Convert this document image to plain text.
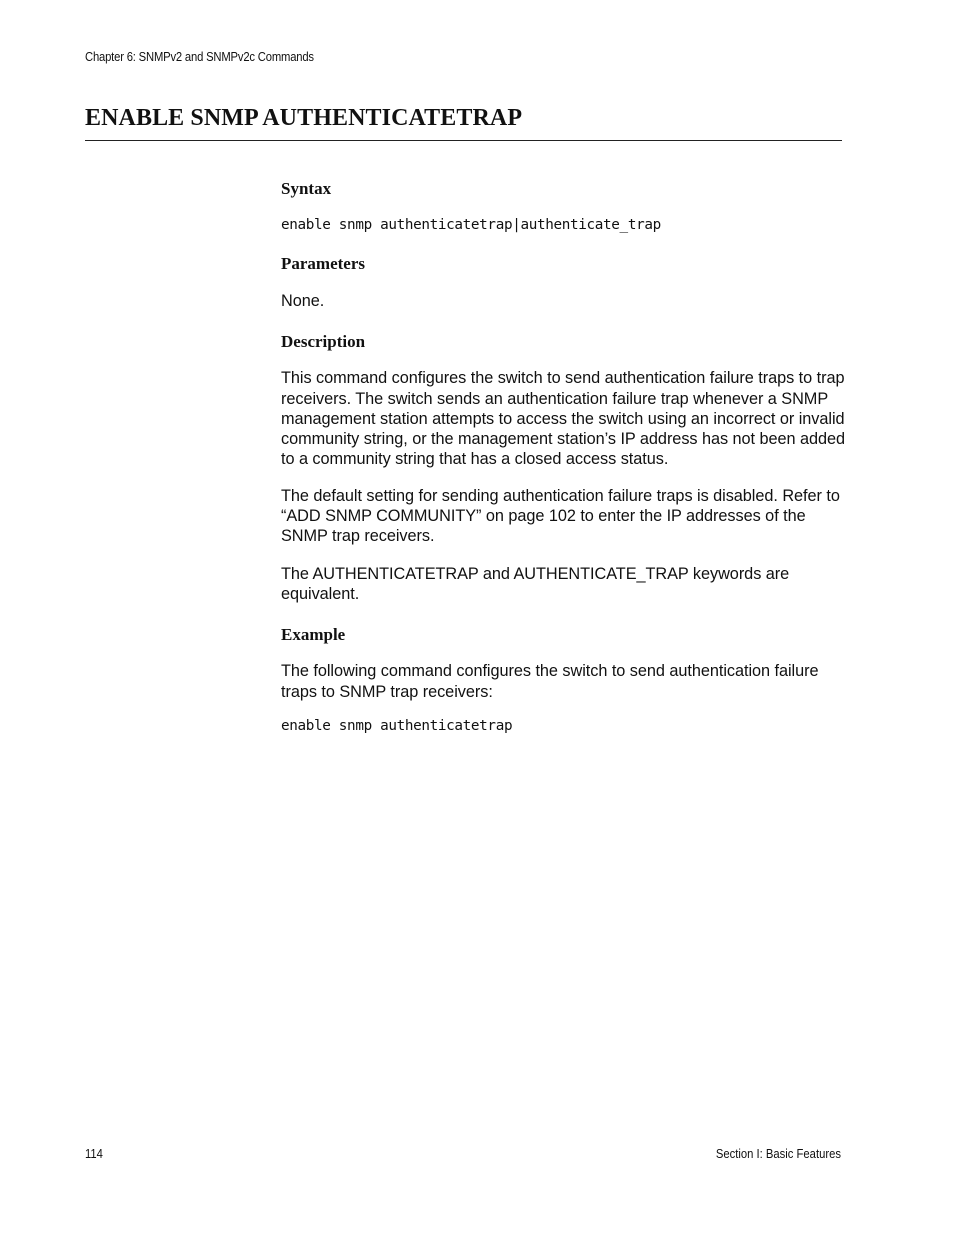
Chapter 6: SNMPv2 and SNMPv2c Commands
ENABLE SNMP AUTHENTICATETRAP
Syntax

enable snmp authenticatetrap|authenticate_trap

Parameters

None.

Description

This command configures the switch to send authentication failure traps to trap receivers. The switch sends an authentication failure trap whenever a SNMP management station attempts to access the switch using an incorrect or invalid community string, or the management station’s IP address has not been added to a community string that has a closed access status.

The default setting for sending authentication failure traps is disabled. Refer to “ADD SNMP COMMUNITY” on page 102 to enter the IP addresses of the SNMP trap receivers.

The AUTHENTICATETRAP and AUTHENTICATE_TRAP keywords are equivalent.

Example

The following command configures the switch to send authentication failure traps to SNMP trap receivers:

enable snmp authenticatetrap

114	Section I: Basic Features
